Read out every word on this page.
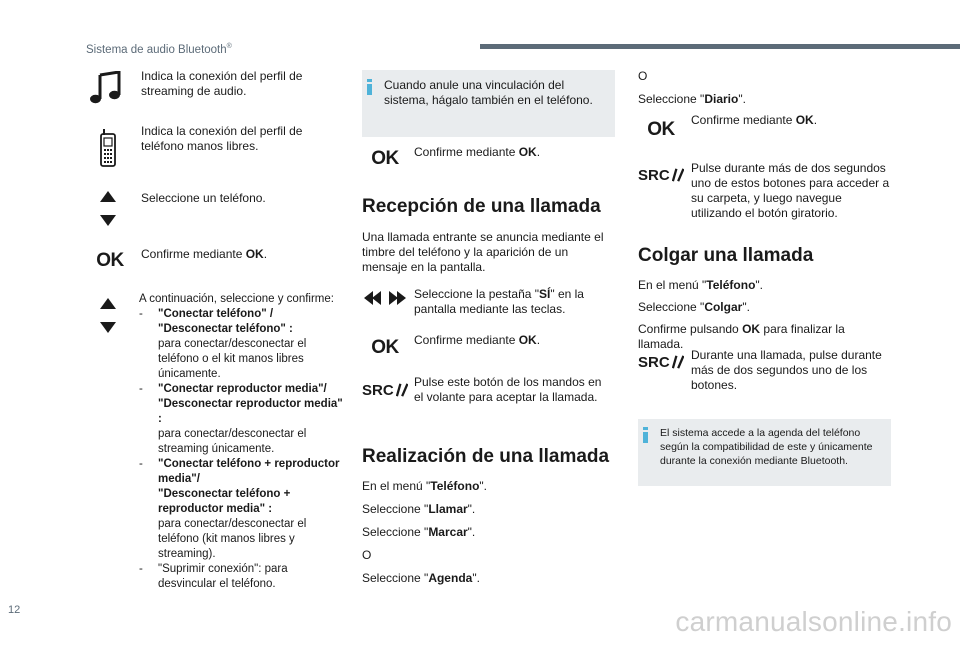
Sistema de audio Bluetooth®
Indica la conexión del perfil de streaming de audio.
Indica la conexión del perfil de teléfono manos libres.
Seleccione un teléfono.
OK Confirme mediante OK.
A continuación, seleccione y confirme:
-	"Conectar teléfono" /
"Desconectar teléfono" :
para conectar/desconectar el teléfono o el kit manos libres únicamente.
-	"Conectar reproductor media"/
"Desconectar reproductor media" :
para conectar/desconectar el streaming únicamente.
-	"Conectar teléfono + reproductor media"/
"Desconectar teléfono + reproductor media" :
para conectar/desconectar el teléfono (kit manos libres y streaming).
-	"Suprimir conexión": para desvincular el teléfono.
Cuando anule una vinculación del sistema, hágalo también en el teléfono.
OK Confirme mediante OK.
Recepción de una llamada
Una llamada entrante se anuncia mediante el timbre del teléfono y la aparición de un mensaje en la pantalla.
Seleccione la pestaña "SÍ" en la pantalla mediante las teclas.
OK Confirme mediante OK.
SRC Pulse este botón de los mandos en el volante para aceptar la llamada.
Realización de una llamada
En el menú "Teléfono".
Seleccione "Llamar".
Seleccione "Marcar".
O
Seleccione "Agenda".
O
Seleccione "Diario".
OK Confirme mediante OK.
SRC Pulse durante más de dos segundos uno de estos botones para acceder a su carpeta, y luego navegue utilizando el botón giratorio.
Colgar una llamada
En el menú "Teléfono".
Seleccione "Colgar".
Confirme pulsando OK para finalizar la llamada.
SRC Durante una llamada, pulse durante más de dos segundos uno de los botones.
El sistema accede a la agenda del teléfono según la compatibilidad de este y únicamente durante la conexión mediante Bluetooth.
12	carmanualsonline.info
